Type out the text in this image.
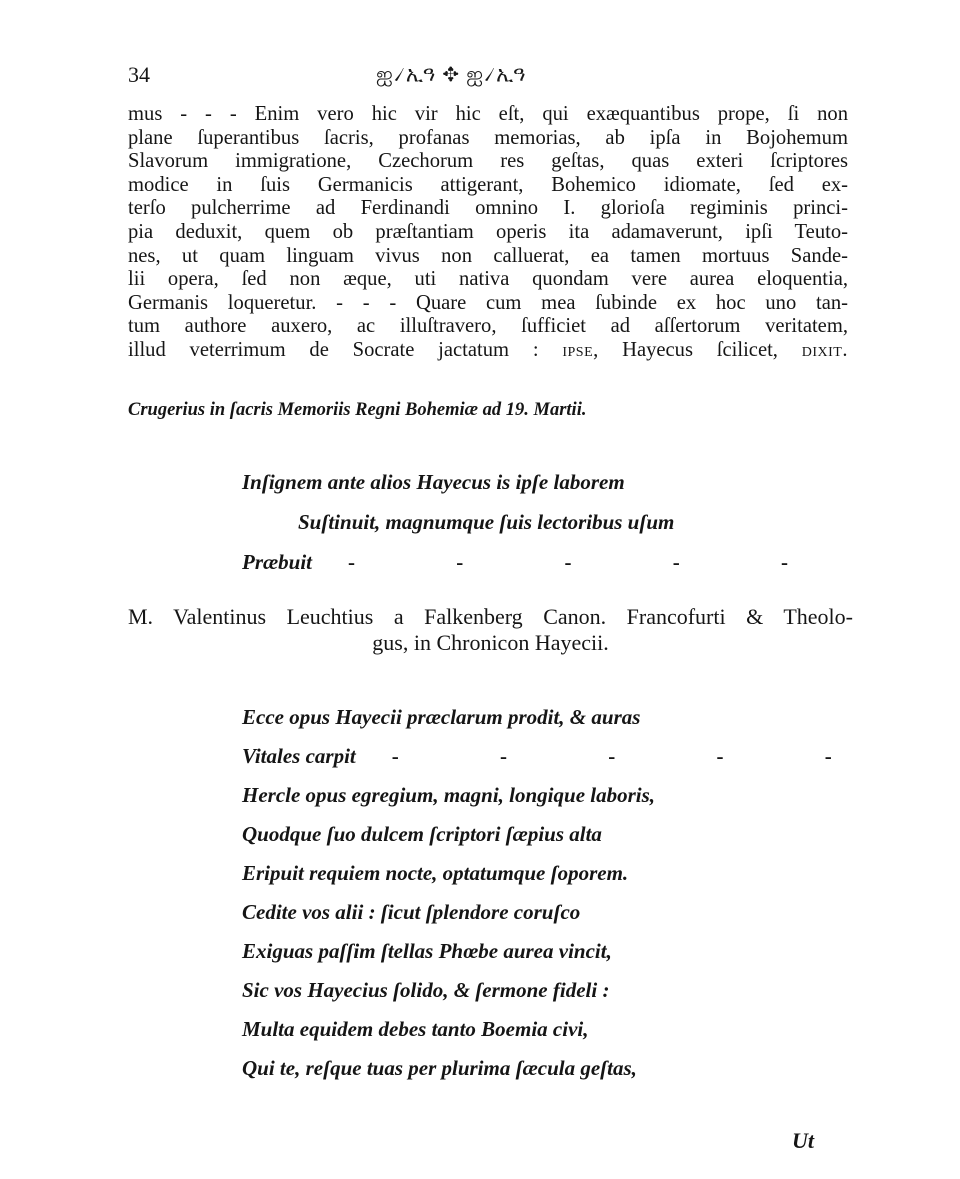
34	ஐ৴ኢዓ ✥ ஐ৴ኢዓ
mus - - - Enim vero hic vir hic eſt, qui exæquantibus prope, ſi non
plane ſuperantibus ſacris, profanas memorias, ab ipſa in Bojohemum
Slavorum immigratione, Czechorum res geſtas, quas exteri ſcriptores
modice in ſuis Germanicis attigerant, Bohemico idiomate, ſed ex-
terſo pulcherrime ad Ferdinandi omnino I. glorioſa regiminis princi-
pia deduxit, quem ob præſtantiam operis ita adamaverunt, ipſi Teuto-
nes, ut quam linguam vivus non calluerat, ea tamen mortuus Sande-
lii opera, ſed non æque, uti nativa quondam vere aurea eloquentia,
Germanis loqueretur. - - - Quare cum mea ſubinde ex hoc uno tan-
tum authore auxero, ac illuſtravero, ſufficiet ad aſſertorum veritatem,
illud veterrimum de Socrate jactatum : ipse, Hayecus ſcilicet, dixit.
Crugerius in ſacris Memoriis Regni Bohemiæ ad 19. Martii.
Inſignem ante alios Hayecus is ipſe laborem
Suſtinuit, magnumque ſuis lectoribus uſum
Præbuit - - - - -
M. Valentinus Leuchtius a Falkenberg Canon. Francofurti & Theolo-
gus, in Chronicon Hayecii.
Ecce opus Hayecii præclarum prodit, & auras
Vitales carpit - - - - -
Hercle opus egregium, magni, longique laboris,
Quodque ſuo dulcem ſcriptori ſæpius alta
Eripuit requiem nocte, optatumque ſoporem.
Cedite vos alii : ſicut ſplendore coruſco
Exiguas paſſim ſtellas Phœbe aurea vincit,
Sic vos Hayecius ſolido, & ſermone fideli :
Multa equidem debes tanto Boemia civi,
Qui te, reſque tuas per plurima ſæcula geſtas,
Ut
